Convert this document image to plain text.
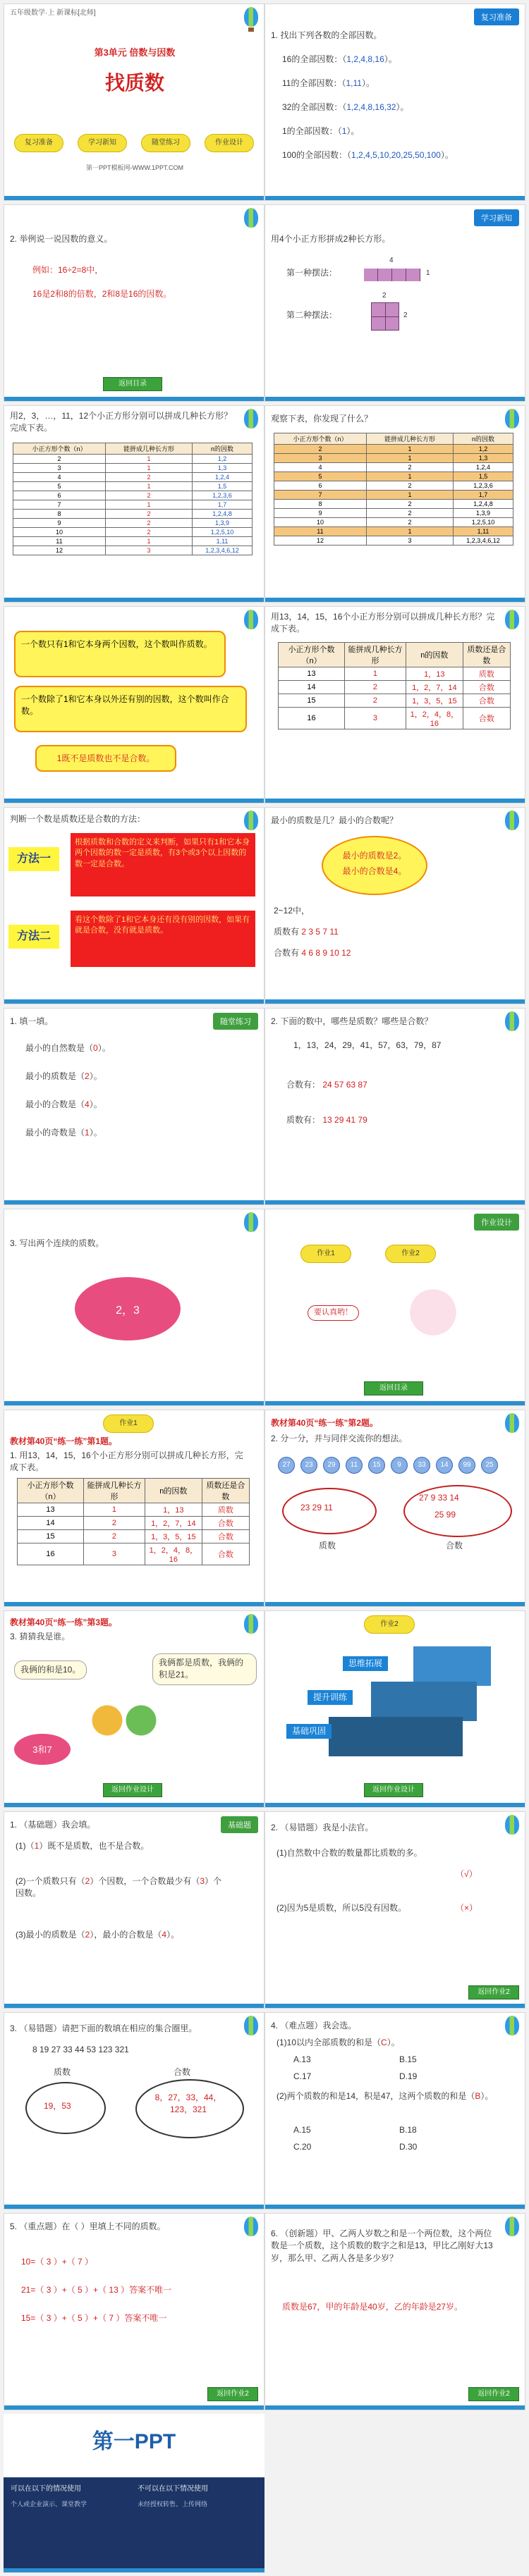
五年级数学·上 新课标[北师]
第3单元 倍数与因数
找质数
复习准备	学习新知	随堂练习	作业设计
第一PPT模板网-WWW.1PPT.COM
复习准备
1. 找出下列各数的全部因数。
16的全部因数：（1,2,4,8,16）。
11的全部因数：（1,11）。
32的全部因数：（1,2,4,8,16,32）。
1的全部因数：（1）。
100的全部因数：（1,2,4,5,10,20,25,50,100）。
2. 举例说一说因数的意义。
例如：16÷2=8中，
16是2和8的倍数，2和8是16的因数。
返回目录
学习新知
用4个小正方形拼成2种长方形。
第一种摆法：
4
1
第二种摆法：
2
2
用2，3，…，11，12个小正方形分别可以拼成几种长方形？完成下表。
小正方形个数（n）	能拼成几种长方形	n的因数
2	1	1,2
3	1	1,3
4	2	1,2,4
5	1	1,5
6	2	1,2,3,6
7	1	1,7
8	2	1,2,4,8
9	2	1,3,9
10	2	1,2,5,10
11	1	1,11
12	3	1,2,3,4,6,12
观察下表，你发现了什么？
小正方形个数（n）	能拼成几种长方形	n的因数
2	1	1,2
3	1	1,3
4	2	1,2,4
5	1	1,5
6	2	1,2,3,6
7	1	1,7
8	2	1,2,4,8
9	2	1,3,9
10	2	1,2,5,10
11	1	1,11
12	3	1,2,3,4,6,12
一个数只有1和它本身两个因数，这个数叫作质数。
一个数除了1和它本身以外还有别的因数，这个数叫作合数。
1既不是质数也不是合数。
用13，14，15，16个小正方形分别可以拼成几种长方形？完成下表。
小正方形个数（n）	能拼成几种长方形	n的因数	质数还是合数
13	1	1，13	质数
14	2	1，2，7，14	合数
15	2	1，3，5，15	合数
16	3	1，2，4，8，16	合数
判断一个数是质数还是合数的方法：
方法一
根据质数和合数的定义来判断，如果只有1和它本身两个因数的数一定是质数，有3个或3个以上因数的数一定是合数。
方法二
看这个数除了1和它本身还有没有别的因数，如果有就是合数，没有就是质数。
最小的质数是几？最小的合数呢？
最小的质数是2。
最小的合数是4。
2~12中，
质数有 2 3 5 7 11
合数有 4 6 8 9 10 12
随堂练习
1. 填一填。
最小的自然数是（0）。
最小的质数是（2）。
最小的合数是（4）。
最小的奇数是（1）。
2. 下面的数中，哪些是质数？哪些是合数？
1，13，24，29，41，57，63，79，87
合数有： 24 57 63 87
质数有： 13 29 41 79
3. 写出两个连续的质数。
2，3
作业设计
作业1	作业2
要认真哟！
返回目录
作业1
教材第40页“练一练”第1题。
1. 用13，14，15，16个小正方形分别可以拼成几种长方形，完成下表。
小正方形个数（n）	能拼成几种长方形	n的因数	质数还是合数
13	1	1，13	质数
14	2	1，2，7，14	合数
15	2	1，3，5，15	合数
16	3	1，2，4，8，16	合数
教材第40页“练一练”第2题。
2. 分一分，并与同伴交流你的想法。
27	23	29	11	15	9	33	14	99	25
23 29 11
质数
27 9 33 14
25 99
合数
教材第40页“练一练”第3题。
3. 猜猜我是谁。
我俩的和是10。
我俩都是质数，我俩的积是21。
3和7
返回作业设计
作业2
思维拓展
提升训练
基础巩固
返回作业设计
基础题
1. （基础题）我会填。
(1)（1）既不是质数，也不是合数。
(2)一个质数只有（2）个因数，一个合数最少有（3）个因数。
(3)最小的质数是（2），最小的合数是（4）。
2. （易错题）我是小法官。
(1)自然数中合数的数量都比质数的多。
（√）
(2)因为5是质数，所以5没有因数。	（×）
返回作业2
3. （易错题）请把下面的数填在相应的集合圈里。
8 19 27 33 44 53 123 321
质数	合数
19，53
8，27，33，44，123，321
4. （难点题）我会选。
(1)10以内全部质数的和是（C）。
A.13	B.15
C.17	D.19
(2)两个质数的和是14，积是47，这两个质数的和是（B）。
A.15	B.18
C.20	D.30
5. （重点题）在（ ）里填上不同的质数。
10=（ 3 ）+（ 7 ）
21=（ 3 ）+（ 5 ）+（ 13 ）答案不唯一
15=（ 3 ）+（ 5 ）+（ 7 ）答案不唯一
返回作业2
6. （创新题）甲、乙两人岁数之和是一个两位数，这个两位数是一个质数，这个质数的数字之和是13，甲比乙刚好大13岁，那么甲、乙两人各是多少岁？
质数是67，甲的年龄是40岁，乙的年龄是27岁。
返回作业2
第一PPT
可以在以下的情况使用	不可以在以下情况使用
个人或企业演示、课堂教学	未经授权转售、上传网络
